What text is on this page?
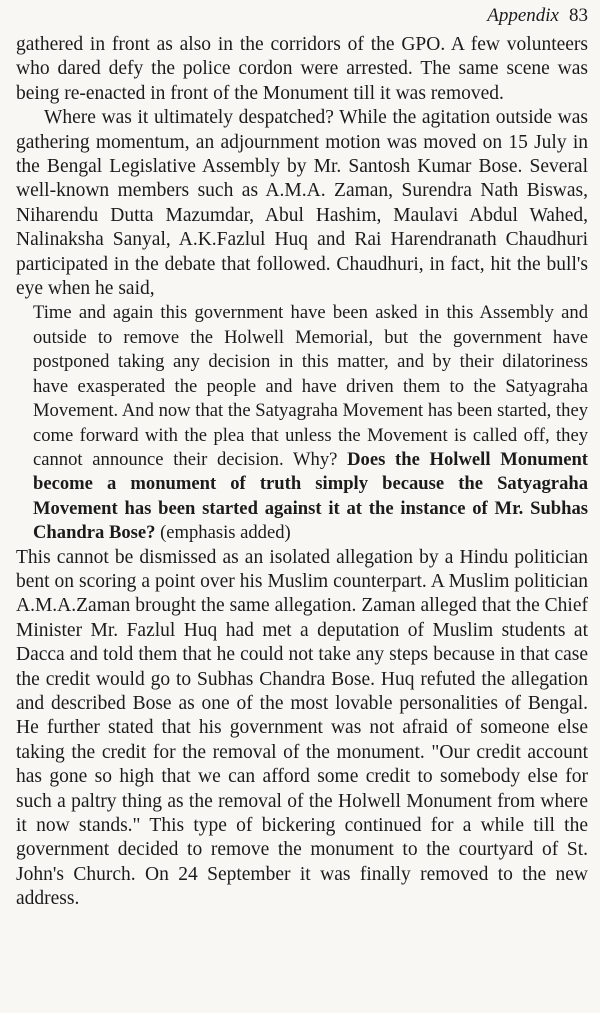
Appendix 83

gathered in front as also in the corridors of the GPO. A few volunteers who dared defy the police cordon were arrested. The same scene was being re-enacted in front of the Monument till it was removed.

Where was it ultimately despatched? While the agitation outside was gathering momentum, an adjournment motion was moved on 15 July in the Bengal Legislative Assembly by Mr. Santosh Kumar Bose. Several well-known members such as A.M.A. Zaman, Surendra Nath Biswas, Niharendu Dutta Mazumdar, Abul Hashim, Maulavi Abdul Wahed, Nalinaksha Sanyal, A.K.Fazlul Huq and Rai Harendranath Chaudhuri participated in the debate that followed. Chaudhuri, in fact, hit the bull's eye when he said,

Time and again this government have been asked in this Assembly and outside to remove the Holwell Memorial, but the government have postponed taking any decision in this matter, and by their dilatoriness have exasperated the people and have driven them to the Satyagraha Movement. And now that the Satyagraha Movement has been started, they come forward with the plea that unless the Movement is called off, they cannot announce their decision. Why? Does the Holwell Monument become a monument of truth simply because the Satyagraha Movement has been started against it at the instance of Mr. Subhas Chandra Bose? (emphasis added)

This cannot be dismissed as an isolated allegation by a Hindu politician bent on scoring a point over his Muslim counterpart. A Muslim politician A.M.A.Zaman brought the same allegation. Zaman alleged that the Chief Minister Mr. Fazlul Huq had met a deputation of Muslim students at Dacca and told them that he could not take any steps because in that case the credit would go to Subhas Chandra Bose. Huq refuted the allegation and described Bose as one of the most lovable personalities of Bengal. He further stated that his government was not afraid of someone else taking the credit for the removal of the monument. "Our credit account has gone so high that we can afford some credit to somebody else for such a paltry thing as the removal of the Holwell Monument from where it now stands." This type of bickering continued for a while till the government decided to remove the monument to the courtyard of St. John's Church. On 24 September it was finally removed to the new address.
